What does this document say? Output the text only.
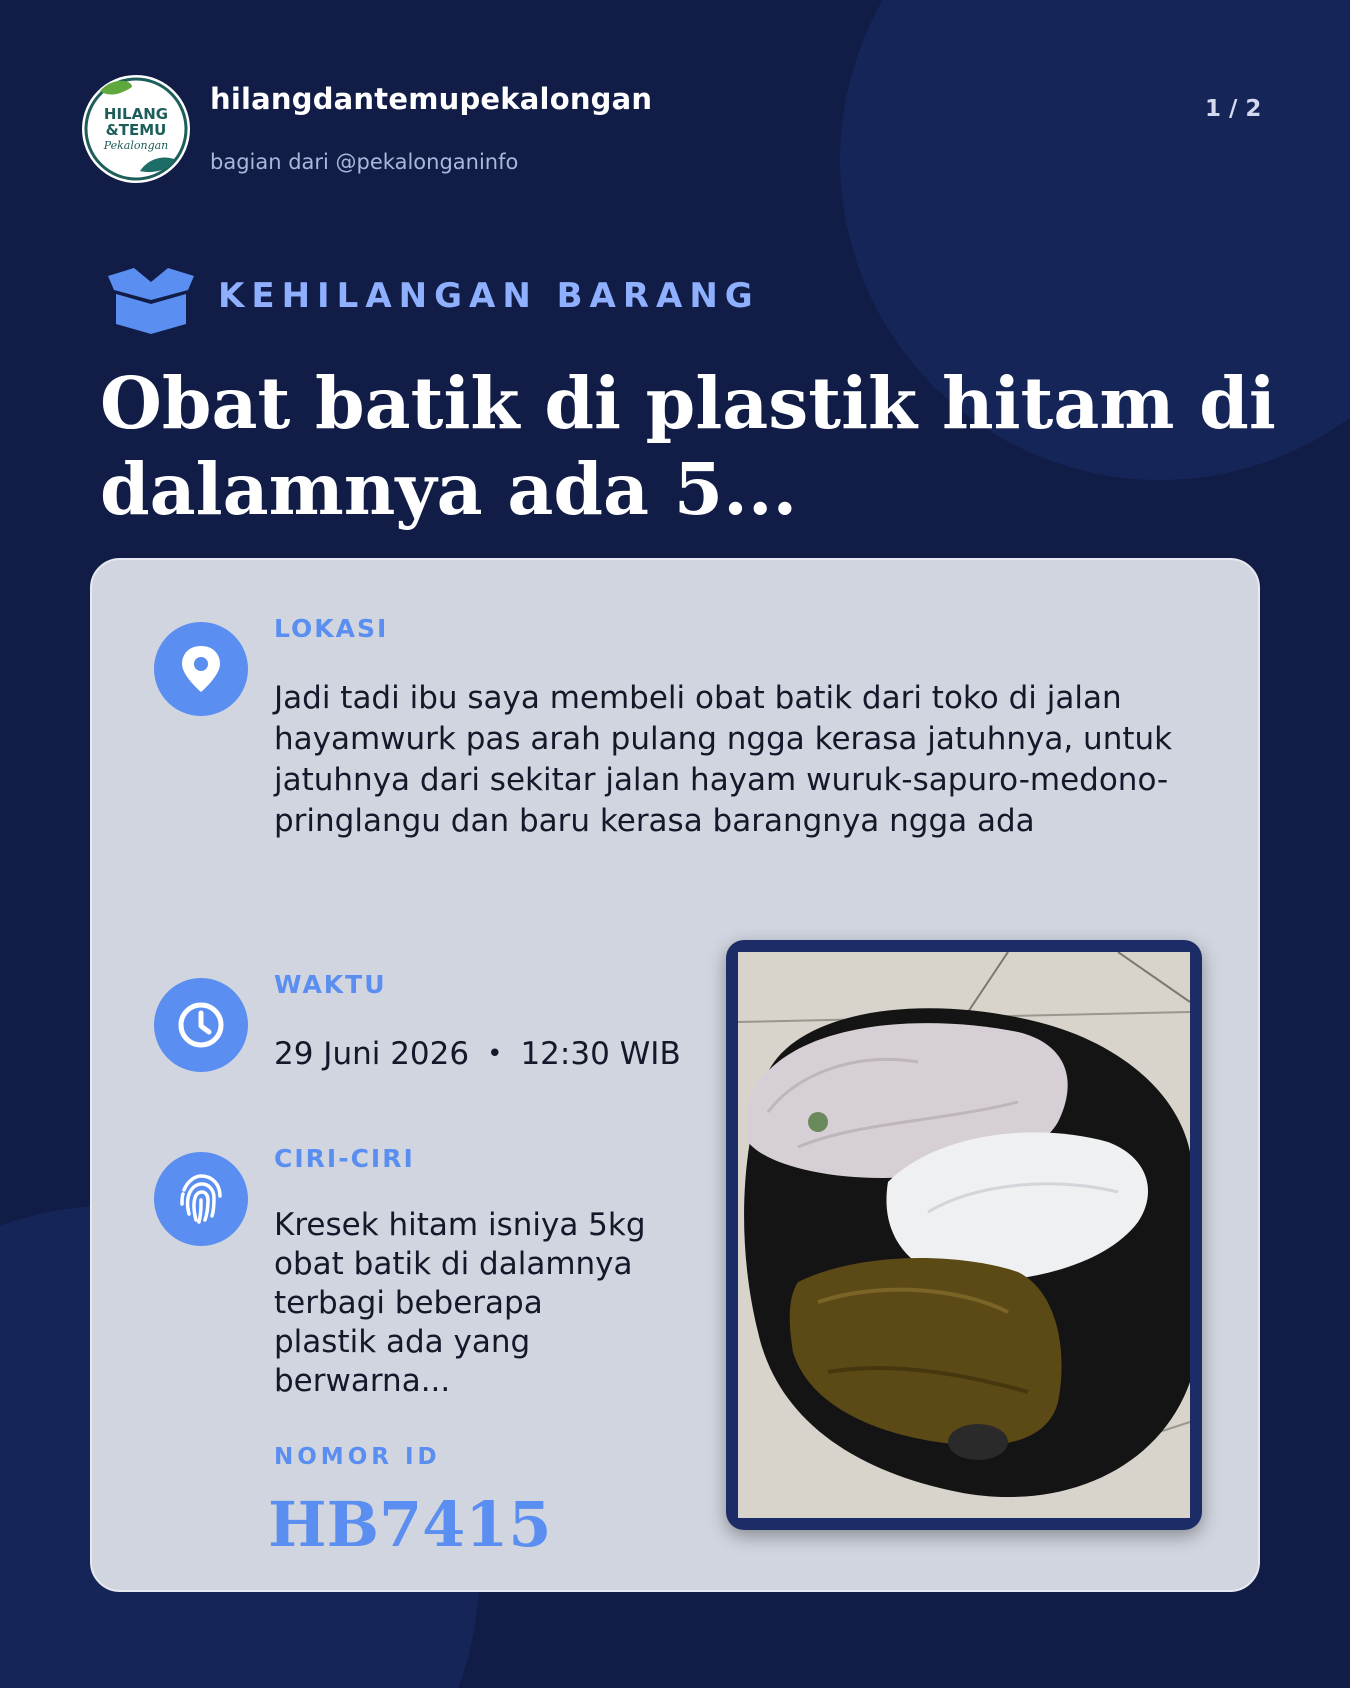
HILANG
&TEMU
Pekalongan
hilangdantemupekalongan
bagian dari @pekalonganinfo
1 / 2
KEHILANGAN BARANG
Obat batik di plastik hitam di dalamnya ada 5...
LOKASI

Jadi tadi ibu saya membeli obat batik dari toko di jalan hayamwurk pas arah pulang ngga kerasa jatuhnya, untuk jatuhnya dari sekitar jalan hayam wuruk-sapuro-medono-pringlangu dan baru kerasa barangnya ngga ada

WAKTU
29 Juni 2026 • 12:30 WIB
CIRI-CIRI

Kresek hitam isniya 5kg obat batik di dalamnya terbagi beberapa plastik ada yang berwarna...

NOMOR ID
HB7415
